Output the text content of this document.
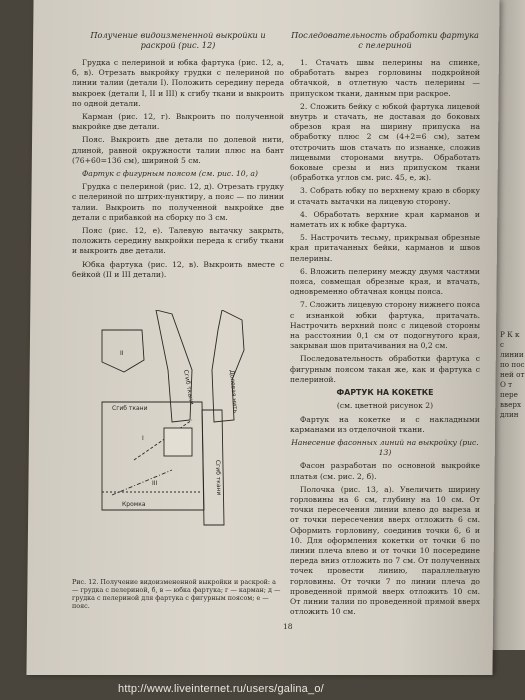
Получение видоизмененной выкройки и раскрой (рис. 12)

Грудка с пелериной и юбка фартука (рис. 12, а, б, в). Отрезать выкройку грудки с пелериной по линии талии (детали I). Положить середину переда выкроек (детали I, II и III) к сгибу ткани и выкроить по одной детали.

Карман (рис. 12, г). Выкроить по полученной выкройке две детали.

Пояс. Выкроить две детали по долевой нити, длиной, равной окружности талии плюс на бант (76+60=136 см), шириной 5 см.

Фартук с фигурным поясом (см. рис. 10, а)

Грудка с пелериной (рис. 12, д). Отрезать грудку с пелериной по штрих-пунктиру, а пояс — по линии талии. Выкроить по полученной выкройке две детали с прибавкой на сборку по 3 см.

Пояс (рис. 12, е). Талевую вытачку закрыть, положить середину выкройки переда к сгибу ткани и выкроить две детали.

Юбка фартука (рис. 12, в). Выкроить вместе с бейкой (II и III детали).

II
I
III
Сгиб ткани
Кромка
Сгиб ткани	Долевая нить
Сгиб ткани
Рис. 12. Получение видоизмененной выкройки и раскрой: а — грудка с пелериной, б, в — юбка фартука; г — карман; д — грудка с пелериной для фартука с фигурным поясом; е — пояс.
Последовательность обработки фартука с пелериной

1. Стачать швы пелерины на спинке, обработать вырез горловины подкройной обтачкой, в отлетную часть пелерины — припуском ткани, данным при раскрое.

2. Сложить бейку с юбкой фартука лицевой внутрь и стачать, не доставая до боковых обрезов края на ширину припуска на обработку плюс 2 см (4+2=6 см), затем отстрочить шов стачать по изнанке, сложив лицевыми сторонами внутрь. Обработать боковые срезы и низ припуском ткани (обработка углов см. рис. 45, е, ж).

3. Собрать юбку по верхнему краю в сборку и стачать вытачки на лицевую сторону.

4. Обработать верхние края карманов и наметать их к юбке фартука.

5. Настрочить тесьму, прикрывая обрезные края притачанных бейки, карманов и швов пелерины.

6. Вложить пелерину между двумя частями пояса, совмещая обрезные края, и втачать, одновременно обтачная концы пояса.

7. Сложить лицевую сторону нижнего пояса с изнанкой юбки фартука, притачать. Настрочить верхний пояс с лицевой стороны на расстоянии 0,1 см от подогнутого края, закрывая шов притачивания на 0,2 см.

Последовательность обработки фартука с фигурным поясом такая же, как и фартука с пелериной.

ФАРТУК НА КОКЕТКЕ

(см. цветной рисунок 2)

Фартук на кокетке и с накладными карманами из отделочной ткани.

Нанесение фасонных линий на выкройку (рис. 13)

Фасон разработан по основной выкройке платья (см. рис. 2, б).

Полочка (рис. 13, а). Увеличить ширину горловины на 6 см, глубину на 10 см. От точки пересечения линии влево до выреза и от точки пересечения вверх отложить 6 см. Оформить горловину, соединив точки 6, 6 и 10. Для оформления кокетки от точки 6 по линии плеча влево и от точки 10 посередине переда вниз отложить по 7 см. От полученных точек провести линию, параллельную горловины. От точки 7 по линии плеча до проведенной прямой вверх отложить 10 см. От линии талии по проведенной прямой вверх отложить 10 см.

18
Р К к с линии по пос ней от О т пере вверх длин
http://www.liveinternet.ru/users/galina_o/
